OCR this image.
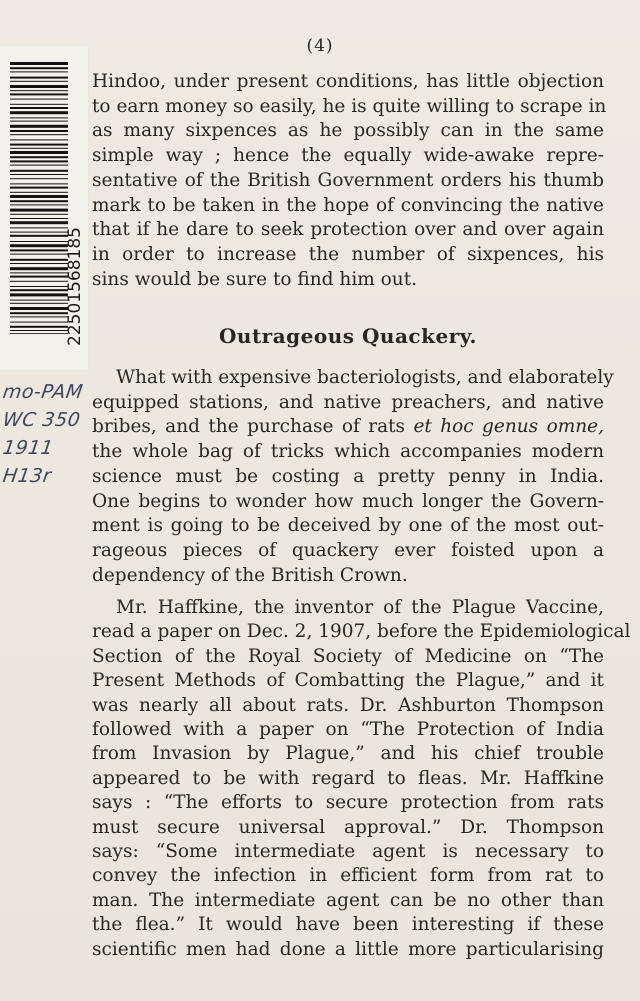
(4)
22501568185
mo-PAM
WC 350
1911
H13r
Hindoo, under present conditions, has little objection
to earn money so easily, he is quite willing to scrape in
as many sixpences as he possibly can in the same
simple way ; hence the equally wide-awake repre-
sentative of the British Government orders his thumb
mark to be taken in the hope of convincing the native
that if he dare to seek protection over and over again
in order to increase the number of sixpences, his
sins would be sure to find him out.
Outrageous Quackery.
What with expensive bacteriologists, and elaborately
equipped stations, and native preachers, and native
bribes, and the purchase of rats et hoc genus omne,
the whole bag of tricks which accompanies modern
science must be costing a pretty penny in India.
One begins to wonder how much longer the Govern-
ment is going to be deceived by one of the most out-
rageous pieces of quackery ever foisted upon a
dependency of the British Crown.
Mr. Haffkine, the inventor of the Plague Vaccine,
read a paper on Dec. 2, 1907, before the Epidemiological
Section of the Royal Society of Medicine on “The
Present Methods of Combatting the Plague,” and it
was nearly all about rats. Dr. Ashburton Thompson
followed with a paper on “The Protection of India
from Invasion by Plague,” and his chief trouble
appeared to be with regard to fleas. Mr. Haffkine
says : “The efforts to secure protection from rats
must secure universal approval.” Dr. Thompson
says: “Some intermediate agent is necessary to
convey the infection in efficient form from rat to
man. The intermediate agent can be no other than
the flea.” It would have been interesting if these
scientific men had done a little more particularising
